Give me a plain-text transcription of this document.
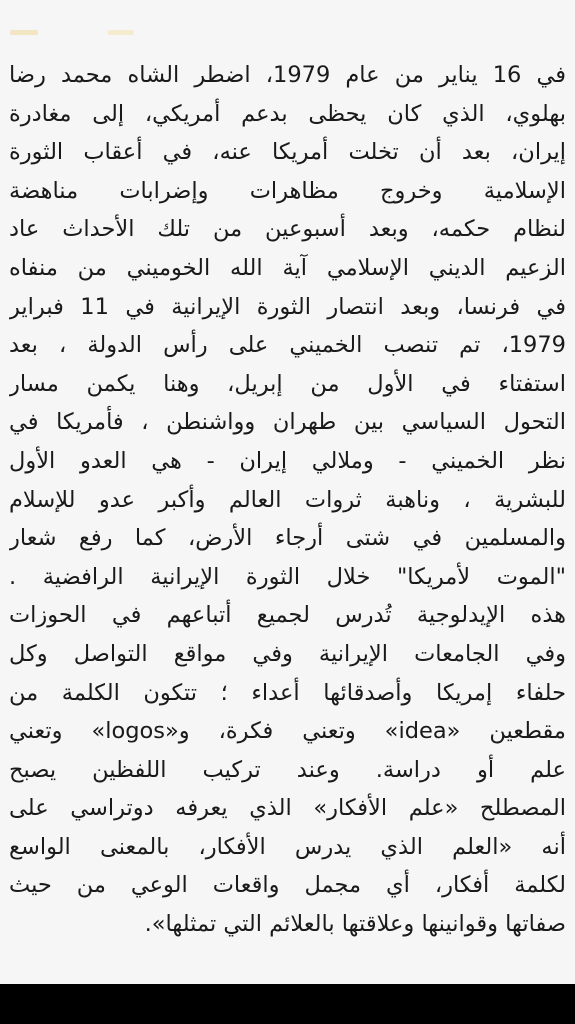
في 16 يناير من عام 1979، اضطر الشاه محمد رضا
بهلوي، الذي كان يحظى بدعم أمريكي، إلى مغادرة
إيران، بعد أن تخلت أمريكا عنه، في أعقاب الثورة
الإسلامية وخروج مظاهرات وإضرابات مناهضة
لنظام حكمه، وبعد أسبوعين من تلك الأحداث عاد
الزعيم الديني الإسلامي آية الله الخوميني من منفاه
في فرنسا، وبعد انتصار الثورة الإيرانية في 11 فبراير
1979، تم تنصب الخميني على رأس الدولة ، بعد
استفتاء في الأول من إبريل، وهنا يكمن مسار
التحول السياسي بين طهران وواشنطن ، فأمريكا في
نظر الخميني - وملالي إيران - هي العدو الأول
للبشرية ، وناهبة ثروات العالم وأكبر عدو للإسلام
والمسلمين في شتى أرجاء الأرض، كما رفع شعار
"الموت لأمريكا" خلال الثورة الإيرانية الرافضية .
هذه الإيدلوجية تُدرس لجميع أتباعهم في الحوزات
وفي الجامعات الإيرانية وفي مواقع التواصل وكل
حلفاء إمريكا وأصدقائها أعداء ؛ تتكون الكلمة من
مقطعين «idea» وتعني فكرة، و«logos» وتعني
علم أو دراسة. وعند تركيب اللفظين يصبح
المصطلح «علم الأفكار» الذي يعرفه دوتراسي على
أنه «العلم الذي يدرس الأفكار، بالمعنى الواسع
لكلمة أفكار، أي مجمل واقعات الوعي من حيث
صفاتها وقوانينها وعلاقتها بالعلائم التي تمثلها».
